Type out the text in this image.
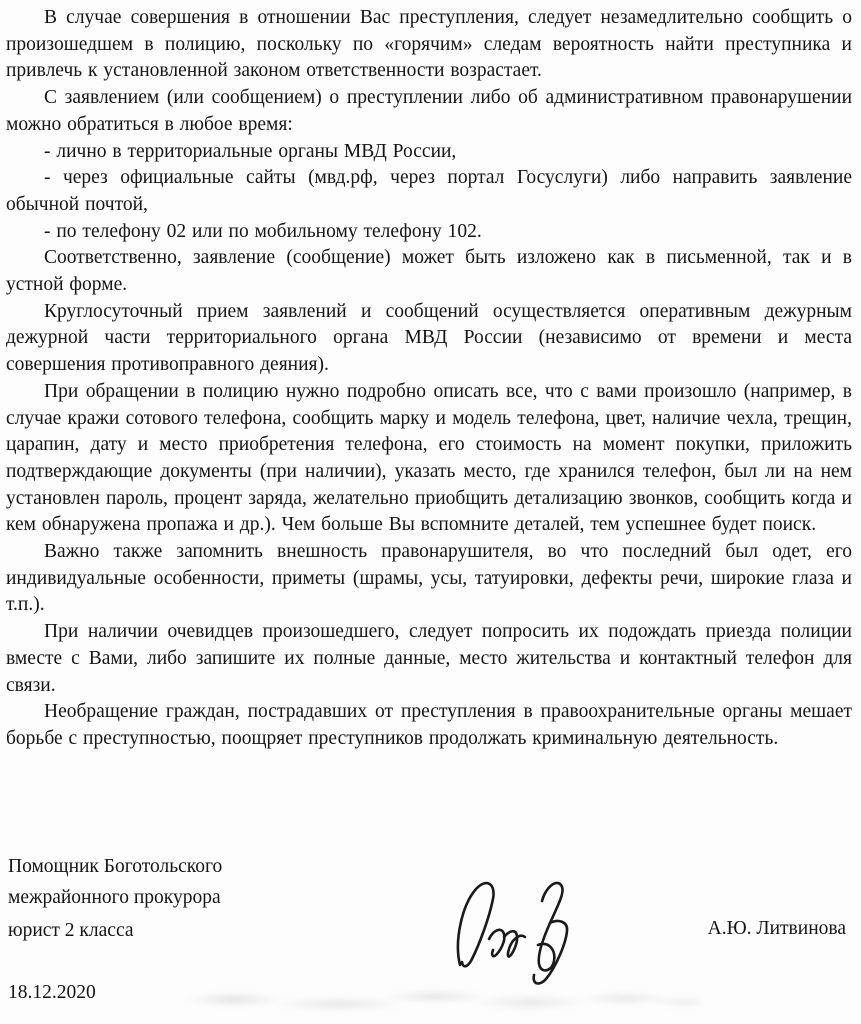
В случае совершения в отношении Вас преступления, следует незамедлительно сообщить о произошедшем в полицию, поскольку по «горячим» следам вероятность найти преступника и привлечь к установленной законом ответственности возрастает.

С заявлением (или сообщением) о преступлении либо об административном правонарушении можно обратиться в любое время:

- лично в территориальные органы МВД России,

- через официальные сайты (мвд.рф, через портал Госуслуги) либо направить заявление обычной почтой,

- по телефону 02 или по мобильному телефону 102.

Соответственно, заявление (сообщение) может быть изложено как в письменной, так и в устной форме.

Круглосуточный прием заявлений и сообщений осуществляется оперативным дежурным дежурной части территориального органа МВД России (независимо от времени и места совершения противоправного деяния).

При обращении в полицию нужно подробно описать все, что с вами произошло (например, в случае кражи сотового телефона, сообщить марку и модель телефона, цвет, наличие чехла, трещин, царапин, дату и место приобретения телефона, его стоимость на момент покупки, приложить подтверждающие документы (при наличии), указать место, где хранился телефон, был ли на нем установлен пароль, процент заряда, желательно приобщить детализацию звонков, сообщить когда и кем обнаружена пропажа и др.). Чем больше Вы вспомните деталей, тем успешнее будет поиск.

Важно также запомнить внешность правонарушителя, во что последний был одет, его индивидуальные особенности, приметы (шрамы, усы, татуировки, дефекты речи, широкие глаза и т.п.).

При наличии очевидцев произошедшего, следует попросить их подождать приезда полиции вместе с Вами, либо запишите их полные данные, место жительства и контактный телефон для связи.

Необращение граждан, пострадавших от преступления в правоохранительные органы мешает борьбе с преступностью, поощряет преступников продолжать криминальную деятельность.

Помощник Боготольского
межрайонного прокурора
юрист 2 класса	А.Ю. Литвинова
18.12.2020
